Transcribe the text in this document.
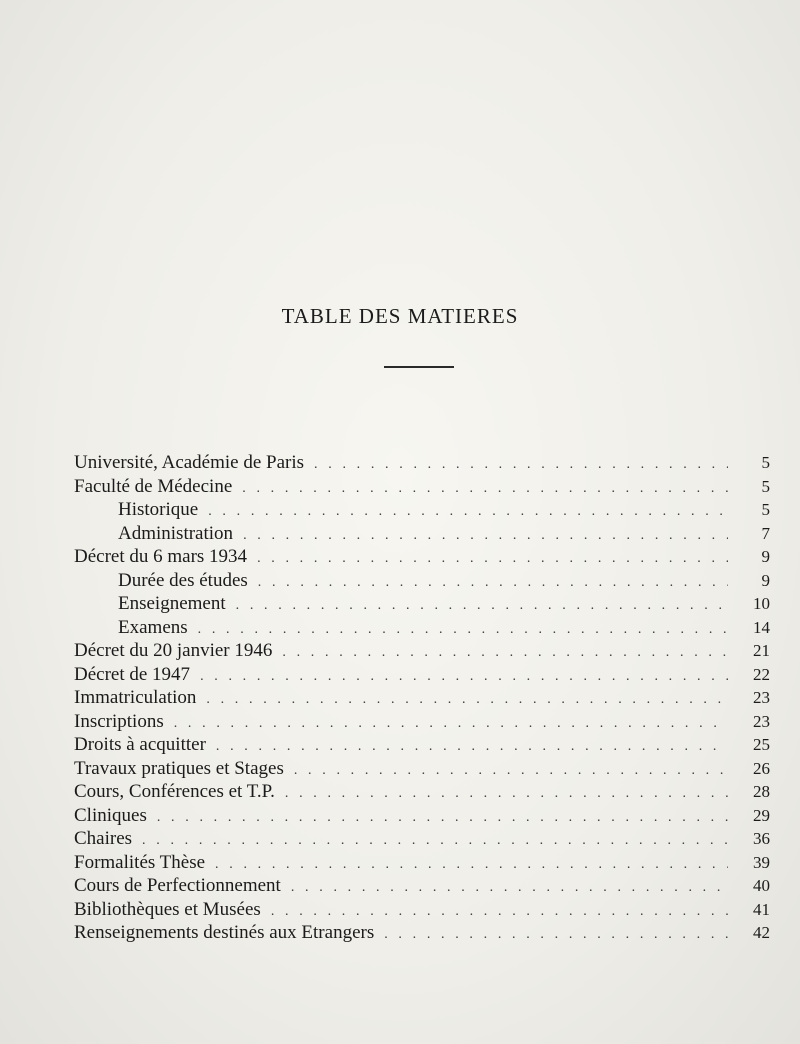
TABLE DES MATIERES
Université, Académie de Paris . . .	5
Faculté de Médecine . . .	5
Historique . . .	5
Administration . . .	7
Décret du 6 mars 1934 . . .	9
Durée des études . . .	9
Enseignement . . .	10
Examens . . .	14
Décret du 20 janvier 1946 . . .	21
Décret de 1947 . . .	22
Immatriculation . . .	23
Inscriptions . . .	23
Droits à acquitter . . .	25
Travaux pratiques et Stages . . .	26
Cours, Conférences et T.P. . . .	28
Cliniques . . .	29
Chaires . . .	36
Formalités Thèse . . .	39
Cours de Perfectionnement . . .	40
Bibliothèques et Musées . . .	41
Renseignements destinés aux Etrangers . . .	42
